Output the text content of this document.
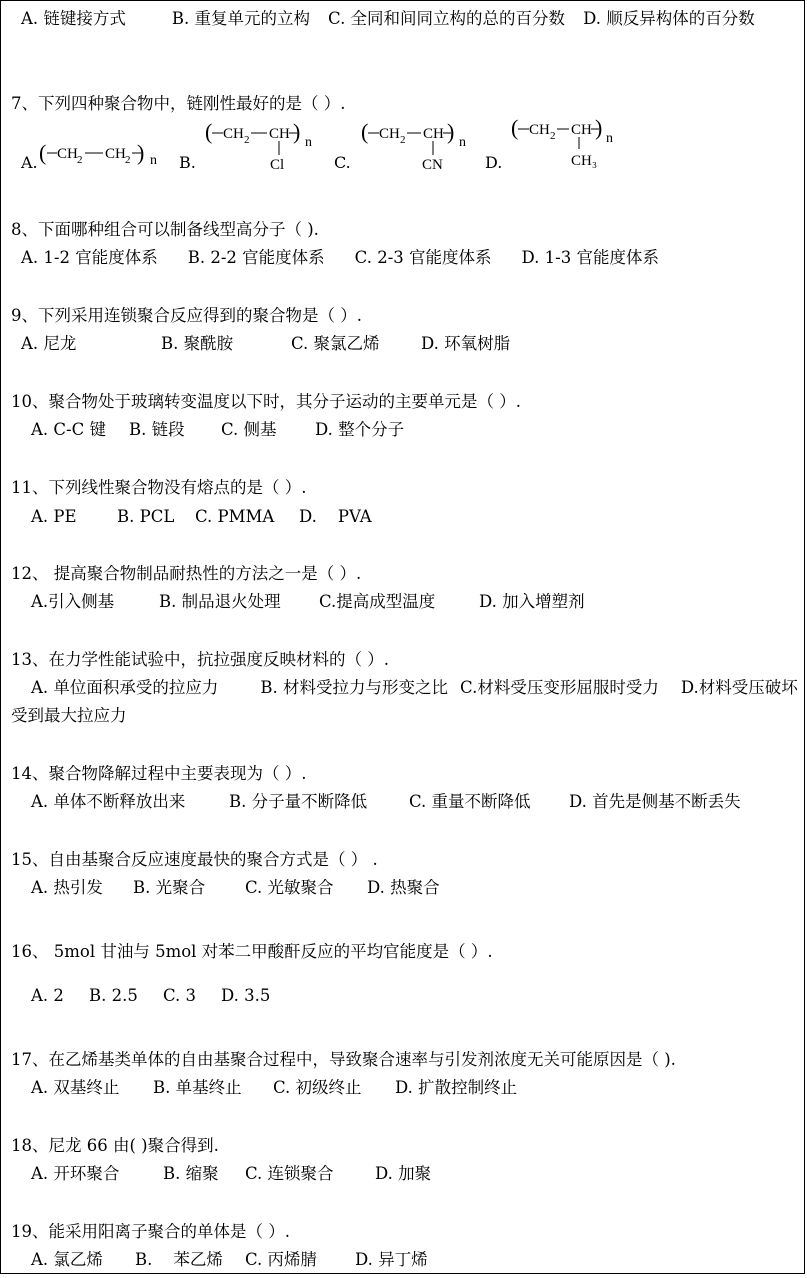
A. 链键接方式	B. 重复单元的立构 C. 全同和间同立构的总的百分数 D. 顺反异构体的百分数
7、下列四种聚合物中，链刚性最好的是（ ）.
A. ( CH 2 CH 2 ) n B.
( CH 2 CH ) n
Cl	C.
( CH 2 CH ) n
CN	D.
( CH 2 CH ) n
CH₃
8、下面哪种组合可以制备线型高分子（ ).
A. 1-2 官能度体系 B. 2-2 官能度体系 C. 2-3 官能度体系 D. 1-3 官能度体系
9、下列采用连锁聚合反应得到的聚合物是（ ）.
A. 尼龙	B. 聚酰胺	C. 聚氯乙烯	D. 环氧树脂
10、聚合物处于玻璃转变温度以下时，其分子运动的主要单元是（ ）.
A. C-C 键 B. 链段 C. 侧基 D. 整个分子
11、下列线性聚合物没有熔点的是（ ）.
A. PE B. PCL C. PMMA D.    PVA
12、 提高聚合物制品耐热性的方法之一是（ ）.
A.引入侧基	B. 制品退火处理 C.提高成型温度	D. 加入增塑剂
13、在力学性能试验中，抗拉强度反映材料的（ ）.
A. 单位面积承受的拉应力	B. 材料受拉力与形变之比 C.材料受压变形屈服时受力 D.材料受压破坏受到最大拉应力
14、聚合物降解过程中主要表现为（ ）.
A. 单体不断释放出来	B. 分子量不断降低	C. 重量不断降低 D. 首先是侧基不断丢失
15、自由基聚合反应速度最快的聚合方式是（ ） .
A. 热引发 B. 光聚合 C. 光敏聚合 D. 热聚合
16、 5mol 甘油与 5mol 对苯二甲酸酐反应的平均官能度是（ ）.
A. 2 B. 2.5 C. 3 D. 3.5
17、在乙烯基类单体的自由基聚合过程中，导致聚合速率与引发剂浓度无关可能原因是（ ).
A. 双基终止 B. 单基终止 C. 初级终止 D. 扩散控制终止
18、尼龙 66 由( )聚合得到.
A. 开环聚合	B. 缩聚 C. 连锁聚合	D. 加聚
19、能采用阳离子聚合的单体是（ ）.
A. 氯乙烯 B.    苯乙烯 C. 丙烯腈 D. 异丁烯
